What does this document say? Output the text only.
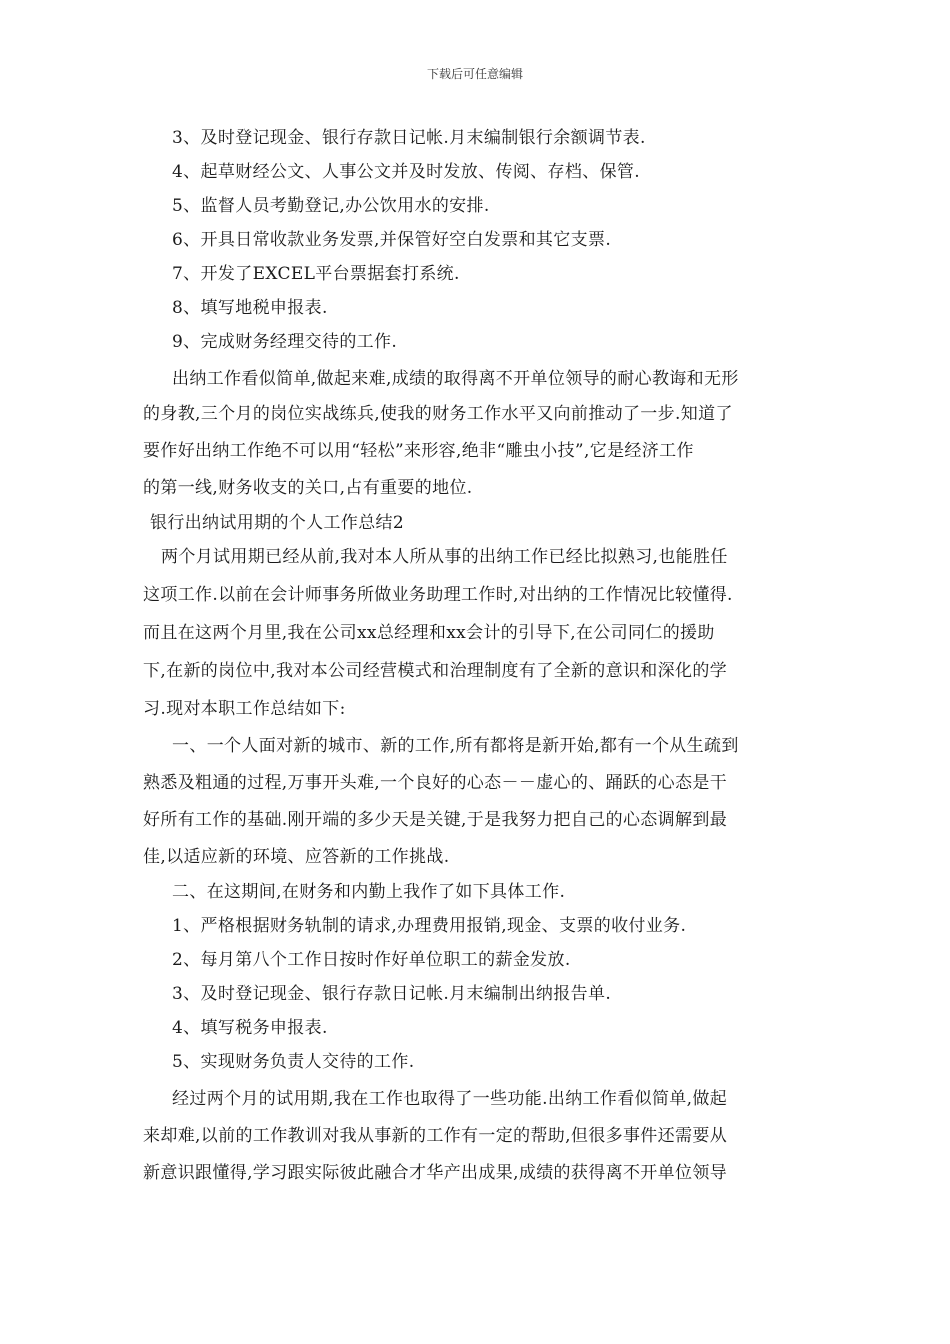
下载后可任意编辑
3、及时登记现金、银行存款日记帐.月末编制银行余额调节表.
4、起草财经公文、人事公文并及时发放、传阅、存档、保管.
5、监督人员考勤登记,办公饮用水的安排.
6、开具日常收款业务发票,并保管好空白发票和其它支票.
7、开发了EXCEL平台票据套打系统.
8、填写地税申报表.
9、完成财务经理交待的工作.
出纳工作看似简单,做起来难,成绩的取得离不开单位领导的耐心教诲和无形
的身教,三个月的岗位实战练兵,使我的财务工作水平又向前推动了一步.知道了
要作好出纳工作绝不可以用“轻松”来形容,绝非“雕虫小技”,它是经济工作
的第一线,财务收支的关口,占有重要的地位.
银行出纳试用期的个人工作总结2
两个月试用期已经从前,我对本人所从事的出纳工作已经比拟熟习,也能胜任
这项工作.以前在会计师事务所做业务助理工作时,对出纳的工作情况比较懂得.
而且在这两个月里,我在公司xx总经理和xx会计的引导下,在公司同仁的援助
下,在新的岗位中,我对本公司经营模式和治理制度有了全新的意识和深化的学
习.现对本职工作总结如下:
一、一个人面对新的城市、新的工作,所有都将是新开始,都有一个从生疏到
熟悉及粗通的过程,万事开头难,一个良好的心态－－虚心的、踊跃的心态是干
好所有工作的基础.刚开端的多少天是关键,于是我努力把自己的心态调解到最
佳,以适应新的环境、应答新的工作挑战.
二、在这期间,在财务和内勤上我作了如下具体工作.
1、严格根据财务轨制的请求,办理费用报销,现金、支票的收付业务.
2、每月第八个工作日按时作好单位职工的薪金发放.
3、及时登记现金、银行存款日记帐.月末编制出纳报告单.
4、填写税务申报表.
5、实现财务负责人交待的工作.
经过两个月的试用期,我在工作也取得了一些功能.出纳工作看似简单,做起
来却难,以前的工作教训对我从事新的工作有一定的帮助,但很多事件还需要从
新意识跟懂得,学习跟实际彼此融合才华产出成果,成绩的获得离不开单位领导
